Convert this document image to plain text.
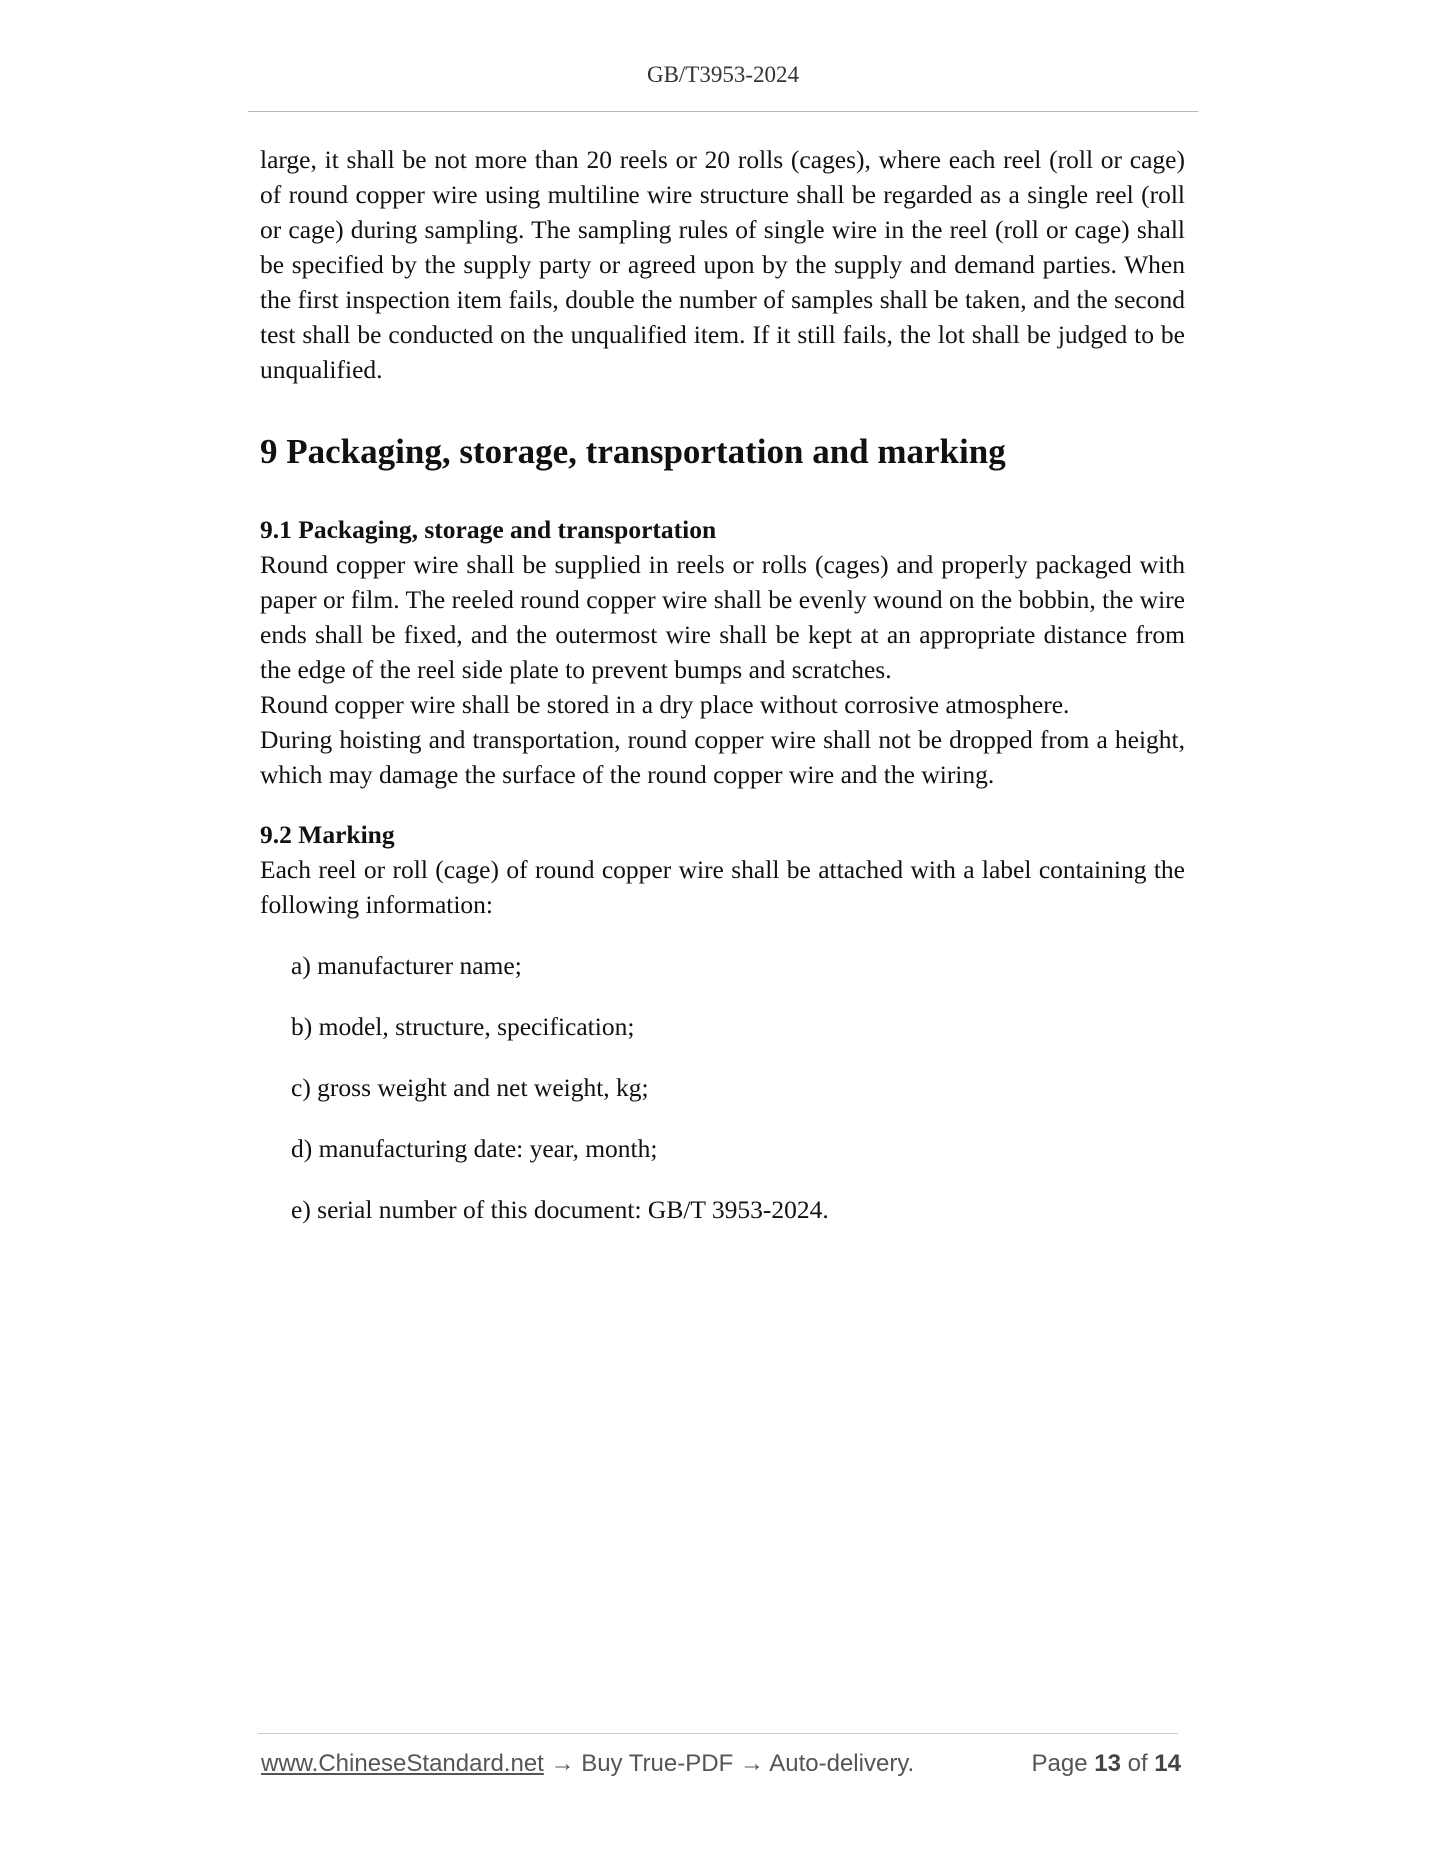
GB/T3953-2024

large, it shall be not more than 20 reels or 20 rolls (cages), where each reel (roll or cage) of round copper wire using multiline wire structure shall be regarded as a single reel (roll or cage) during sampling. The sampling rules of single wire in the reel (roll or cage) shall be specified by the supply party or agreed upon by the supply and demand parties. When the first inspection item fails, double the number of samples shall be taken, and the second test shall be conducted on the unqualified item. If it still fails, the lot shall be judged to be unqualified.

9 Packaging, storage, transportation and marking
9.1 Packaging, storage and transportation

Round copper wire shall be supplied in reels or rolls (cages) and properly packaged with paper or film. The reeled round copper wire shall be evenly wound on the bobbin, the wire ends shall be fixed, and the outermost wire shall be kept at an appropriate distance from the edge of the reel side plate to prevent bumps and scratches.

Round copper wire shall be stored in a dry place without corrosive atmosphere.

During hoisting and transportation, round copper wire shall not be dropped from a height, which may damage the surface of the round copper wire and the wiring.

9.2 Marking

Each reel or roll (cage) of round copper wire shall be attached with a label containing the following information:

a) manufacturer name;
b) model, structure, specification;
c) gross weight and net weight, kg;
d) manufacturing date: year, month;
e) serial number of this document: GB/T 3953-2024.
www.ChineseStandard.net → Buy True-PDF → Auto-delivery.	Page 13 of 14
